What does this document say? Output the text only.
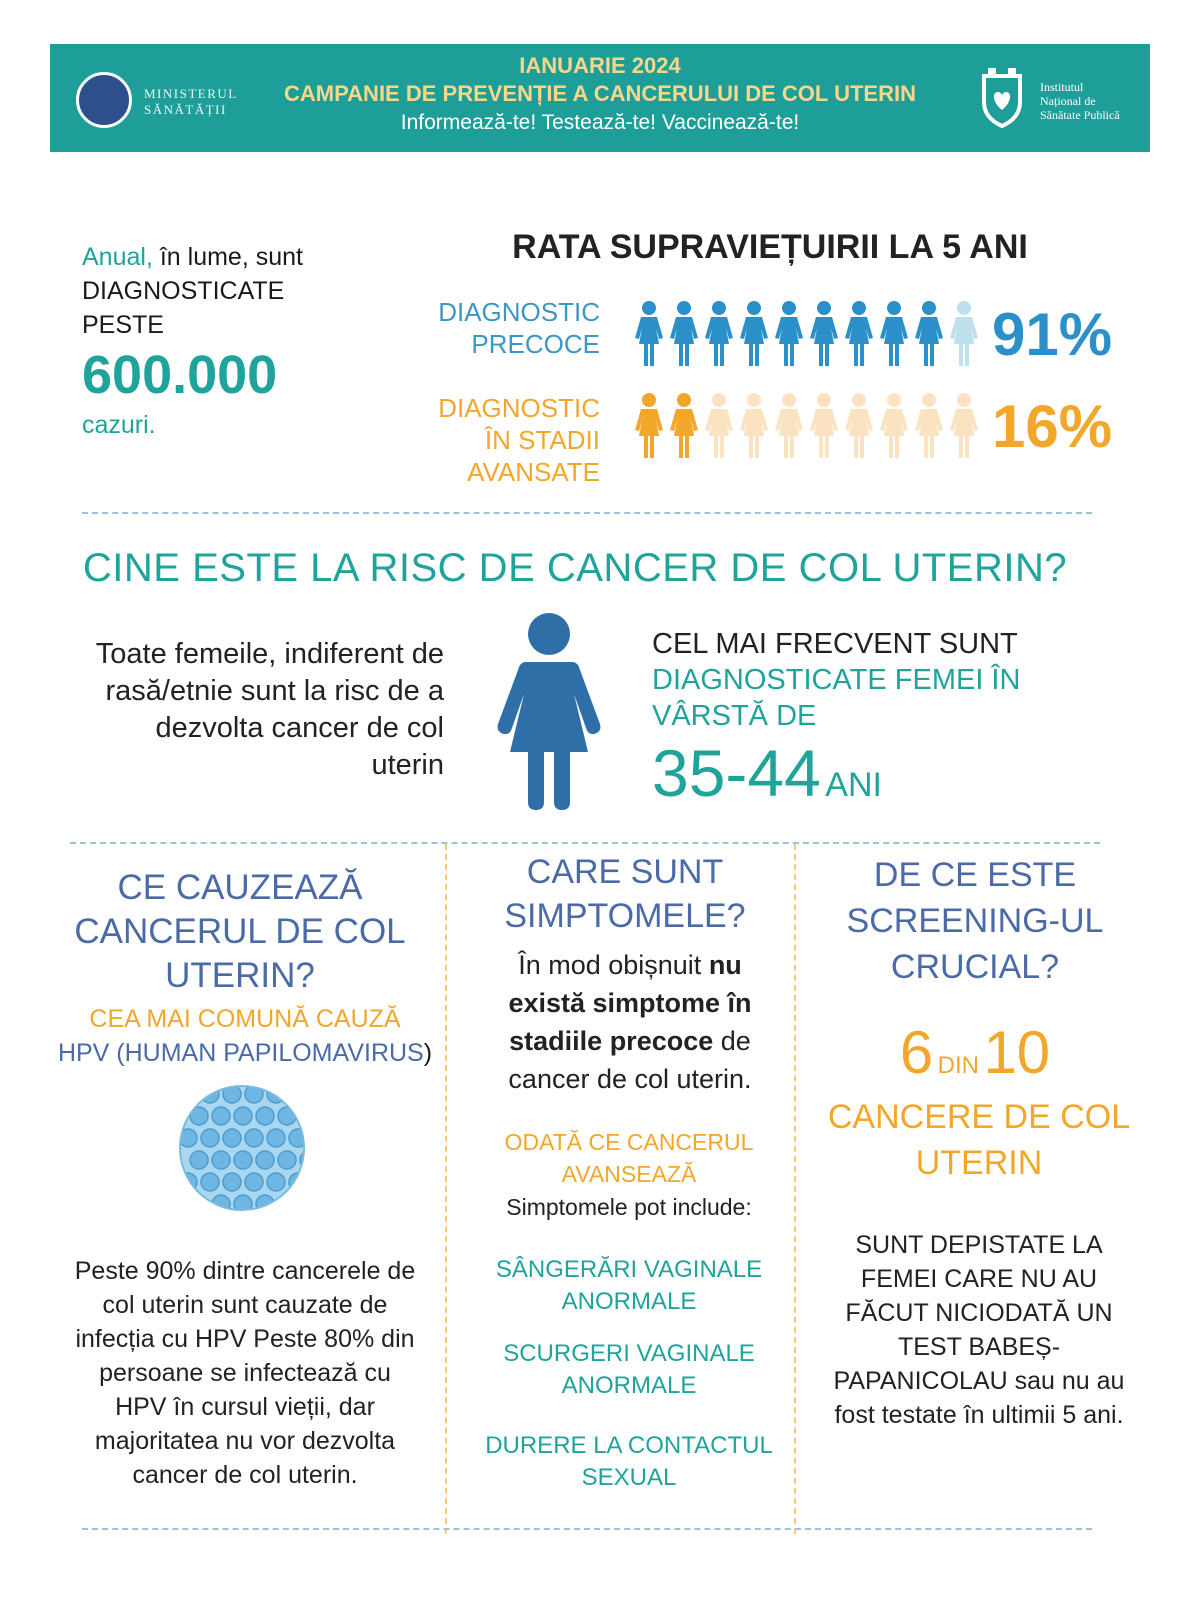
MINISTERUL
SĂNĂTĂȚII
IANUARIE 2024
CAMPANIE DE PREVENȚIE A CANCERULUI DE COL UTERIN
Informează-te! Testează-te! Vaccinează-te!
Institutul
Național de
Sănătate Publică
Anual, în lume, sunt
DIAGNOSTICATE
PESTE
600.000
cazuri.
RATA SUPRAVIEȚUIRII LA 5 ANI
DIAGNOSTIC
PRECOCE
DIAGNOSTIC
ÎN STADII AVANSATE
91%
16%
CINE ESTE LA RISC DE CANCER DE COL UTERIN?
Toate femeile, indiferent de rasă/etnie sunt la risc de a dezvolta cancer de col uterin
CEL MAI FRECVENT SUNT
DIAGNOSTICATE FEMEI ÎN
VÂRSTĂ DE
35-44 ANI
CE CAUZEAZĂ CANCERUL DE COL UTERIN?
CEA MAI COMUNĂ CAUZĂ
HPV (HUMAN PAPILOMAVIRUS)
Peste 90% dintre cancerele de col uterin sunt cauzate de infecția cu HPV Peste 80% din persoane se infectează cu HPV în cursul vieții, dar majoritatea nu vor dezvolta cancer de col uterin.
CARE SUNT SIMPTOMELE?
În mod obișnuit nu există simptome în stadiile precoce de cancer de col uterin.
ODATĂ CE CANCERUL AVANSEAZĂ
Simptomele pot include:
SÂNGERĂRI VAGINALE ANORMALE
SCURGERI VAGINALE ANORMALE
DURERE LA CONTACTUL SEXUAL
DE CE ESTE SCREENING-UL CRUCIAL?
6 DIN 10
CANCERE DE COL UTERIN
SUNT DEPISTATE LA FEMEI CARE NU AU FĂCUT NICIODATĂ UN TEST BABEȘ-PAPANICOLAU sau nu au fost testate în ultimii 5 ani.
